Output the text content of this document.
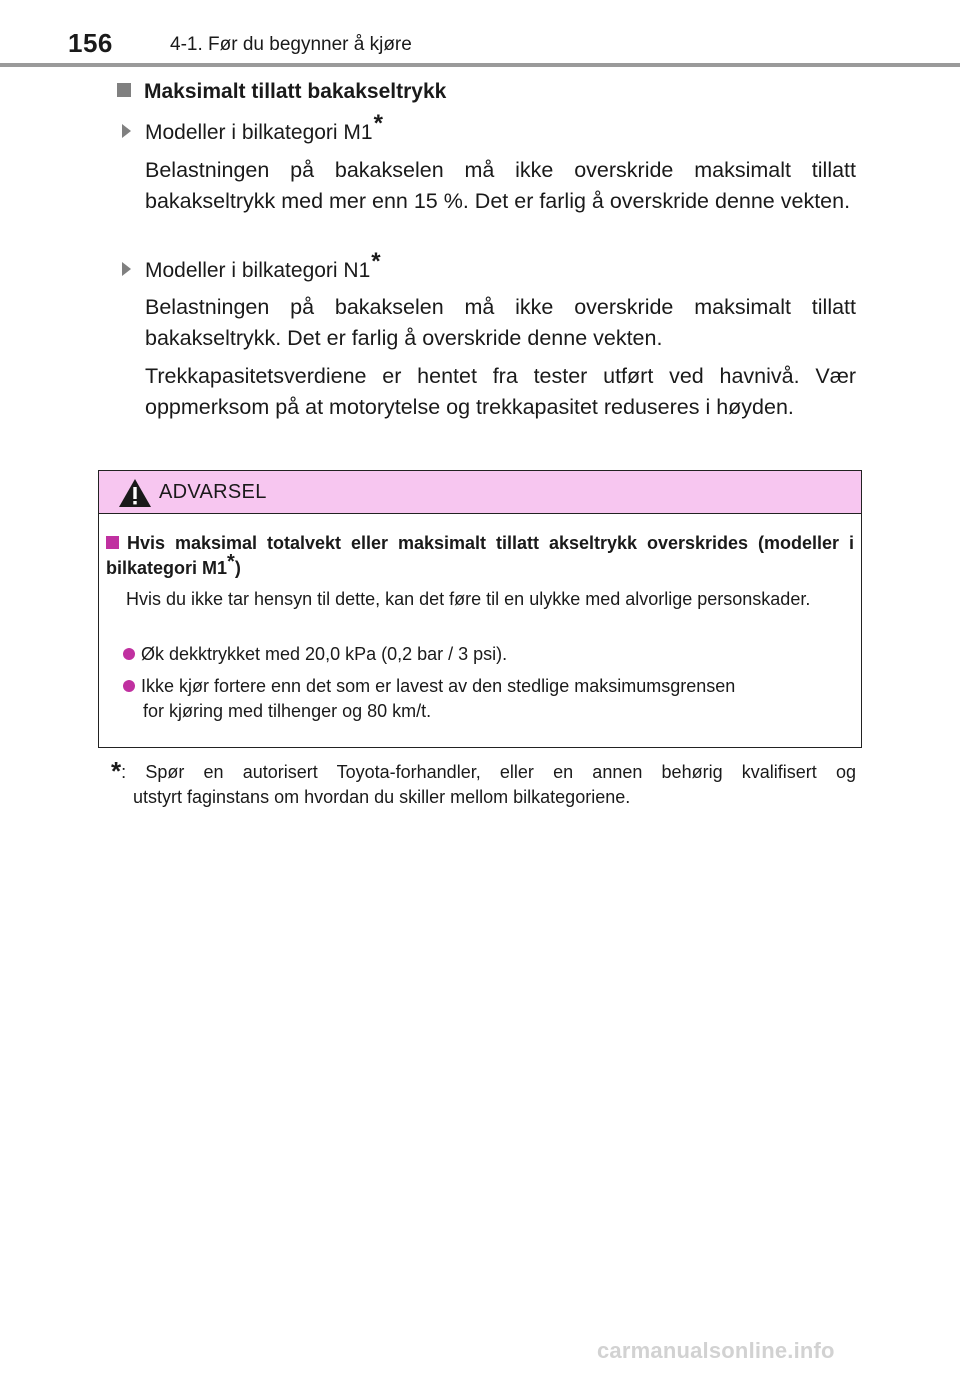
156	4-1. Før du begynner å kjøre
Maksimalt tillatt bakakseltrykk
Modeller i bilkategori M1*
Belastningen på bakakselen må ikke overskride maksimalt tillatt bakakseltrykk med mer enn 15 %. Det er farlig å overskride denne vekten.
Modeller i bilkategori N1*
Belastningen på bakakselen må ikke overskride maksimalt tillatt bakakseltrykk. Det er farlig å overskride denne vekten.
Trekkapasitetsverdiene er hentet fra tester utført ved havnivå. Vær oppmerksom på at motorytelse og trekkapasitet reduseres i høyden.
ADVARSEL
Hvis maksimal totalvekt eller maksimalt tillatt akseltrykk overskrides (modeller i bilkategori M1*)
Hvis du ikke tar hensyn til dette, kan det føre til en ulykke med alvorlige personskader.
Øk dekktrykket med 20,0 kPa (0,2 bar / 3 psi).
Ikke kjør fortere enn det som er lavest av den stedlige maksimumsgrensen
for kjøring med tilhenger og 80 km/t.
*: Spør en autorisert Toyota-forhandler, eller en annen behørig kvalifisert og
utstyrt faginstans om hvordan du skiller mellom bilkategoriene.
carmanualsonline.info
